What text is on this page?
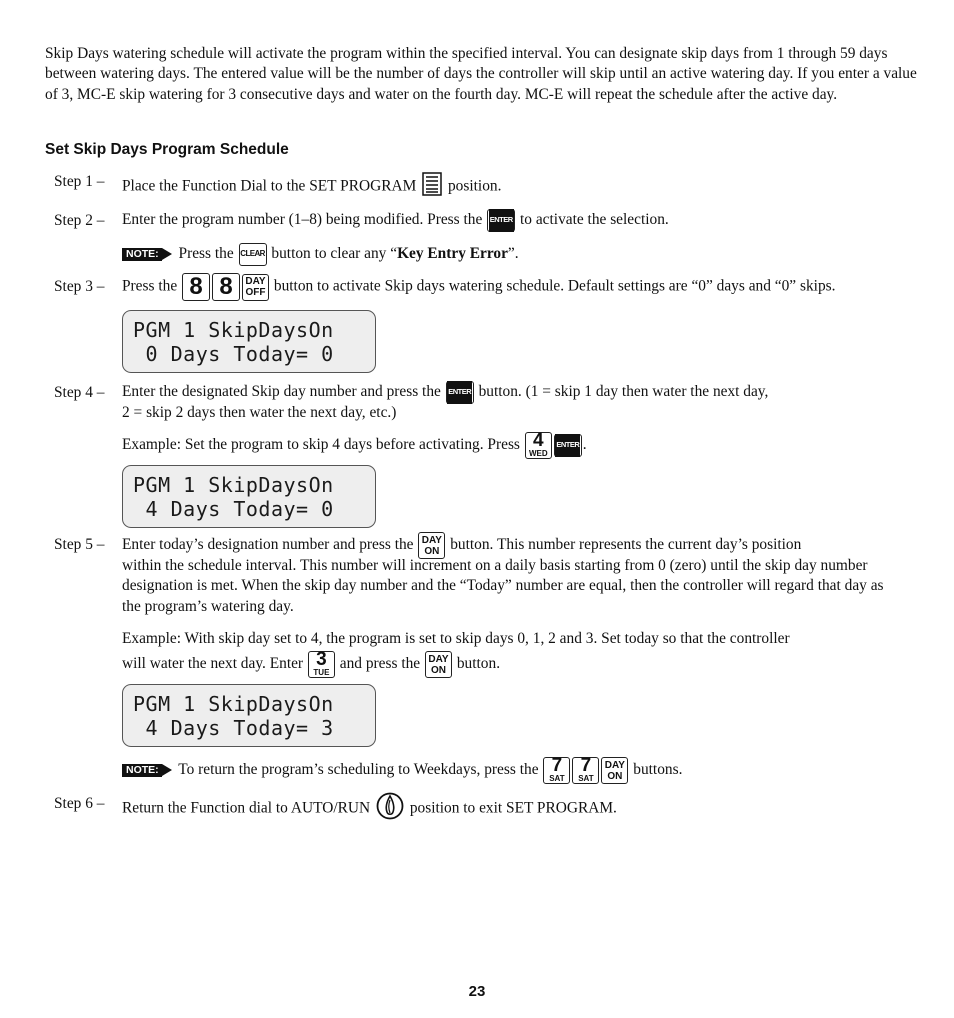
Skip Days watering schedule will activate the program within the specified interval. You can designate skip days from 1 through 59 days between watering days. The entered value will be the number of days the controller will skip until an active watering day. If you enter a value of 3, MC-E skip watering for 3 consecutive days and water on the fourth day. MC-E will repeat the schedule after the active day.
Set Skip Days Program Schedule
Step 1 – Place the Function Dial to the SET PROGRAM position.
Step 2 – Enter the program number (1–8) being modified. Press the ENTER to activate the selection.
NOTE: Press the CLEAR button to clear any “Key Entry Error”.
Step 3 – Press the 8 8 DAY
OFF button to activate Skip days watering schedule. Default settings are “0” days and “0” skips.
PGM 1 SkipDaysOn
0 Days Today= 0
Step 4 – Enter the designated Skip day number and press the ENTER button. (1 = skip 1 day then water the next day,
2 = skip 2 days then water the next day, etc.)
Example: Set the program to skip 4 days before activating. Press 4
WED
ENTER .
PGM 1 SkipDaysOn
4 Days Today= 0
Step 5 – Enter today’s designation number and press the DAY
ON button. This number represents the current day’s position
within the schedule interval. This number will increment on a daily basis starting from 0 (zero) until the skip day number designation is met. When the skip day number and the “Today” number are equal, then the controller will regard that day as the program’s watering day.
Example: With skip day set to 4, the program is set to skip days 0, 1, 2 and 3. Set today so that the controller
will water the next day. Enter 3
TUE
and press the DAY
ON button.
PGM 1 SkipDaysOn
4 Days Today= 3
NOTE: To return the program’s scheduling to Weekdays, press the 7
SAT
7
SAT
DAY
ON buttons.
Step 6 – Return the Function dial to AUTO/RUN	position to exit SET PROGRAM.
23
